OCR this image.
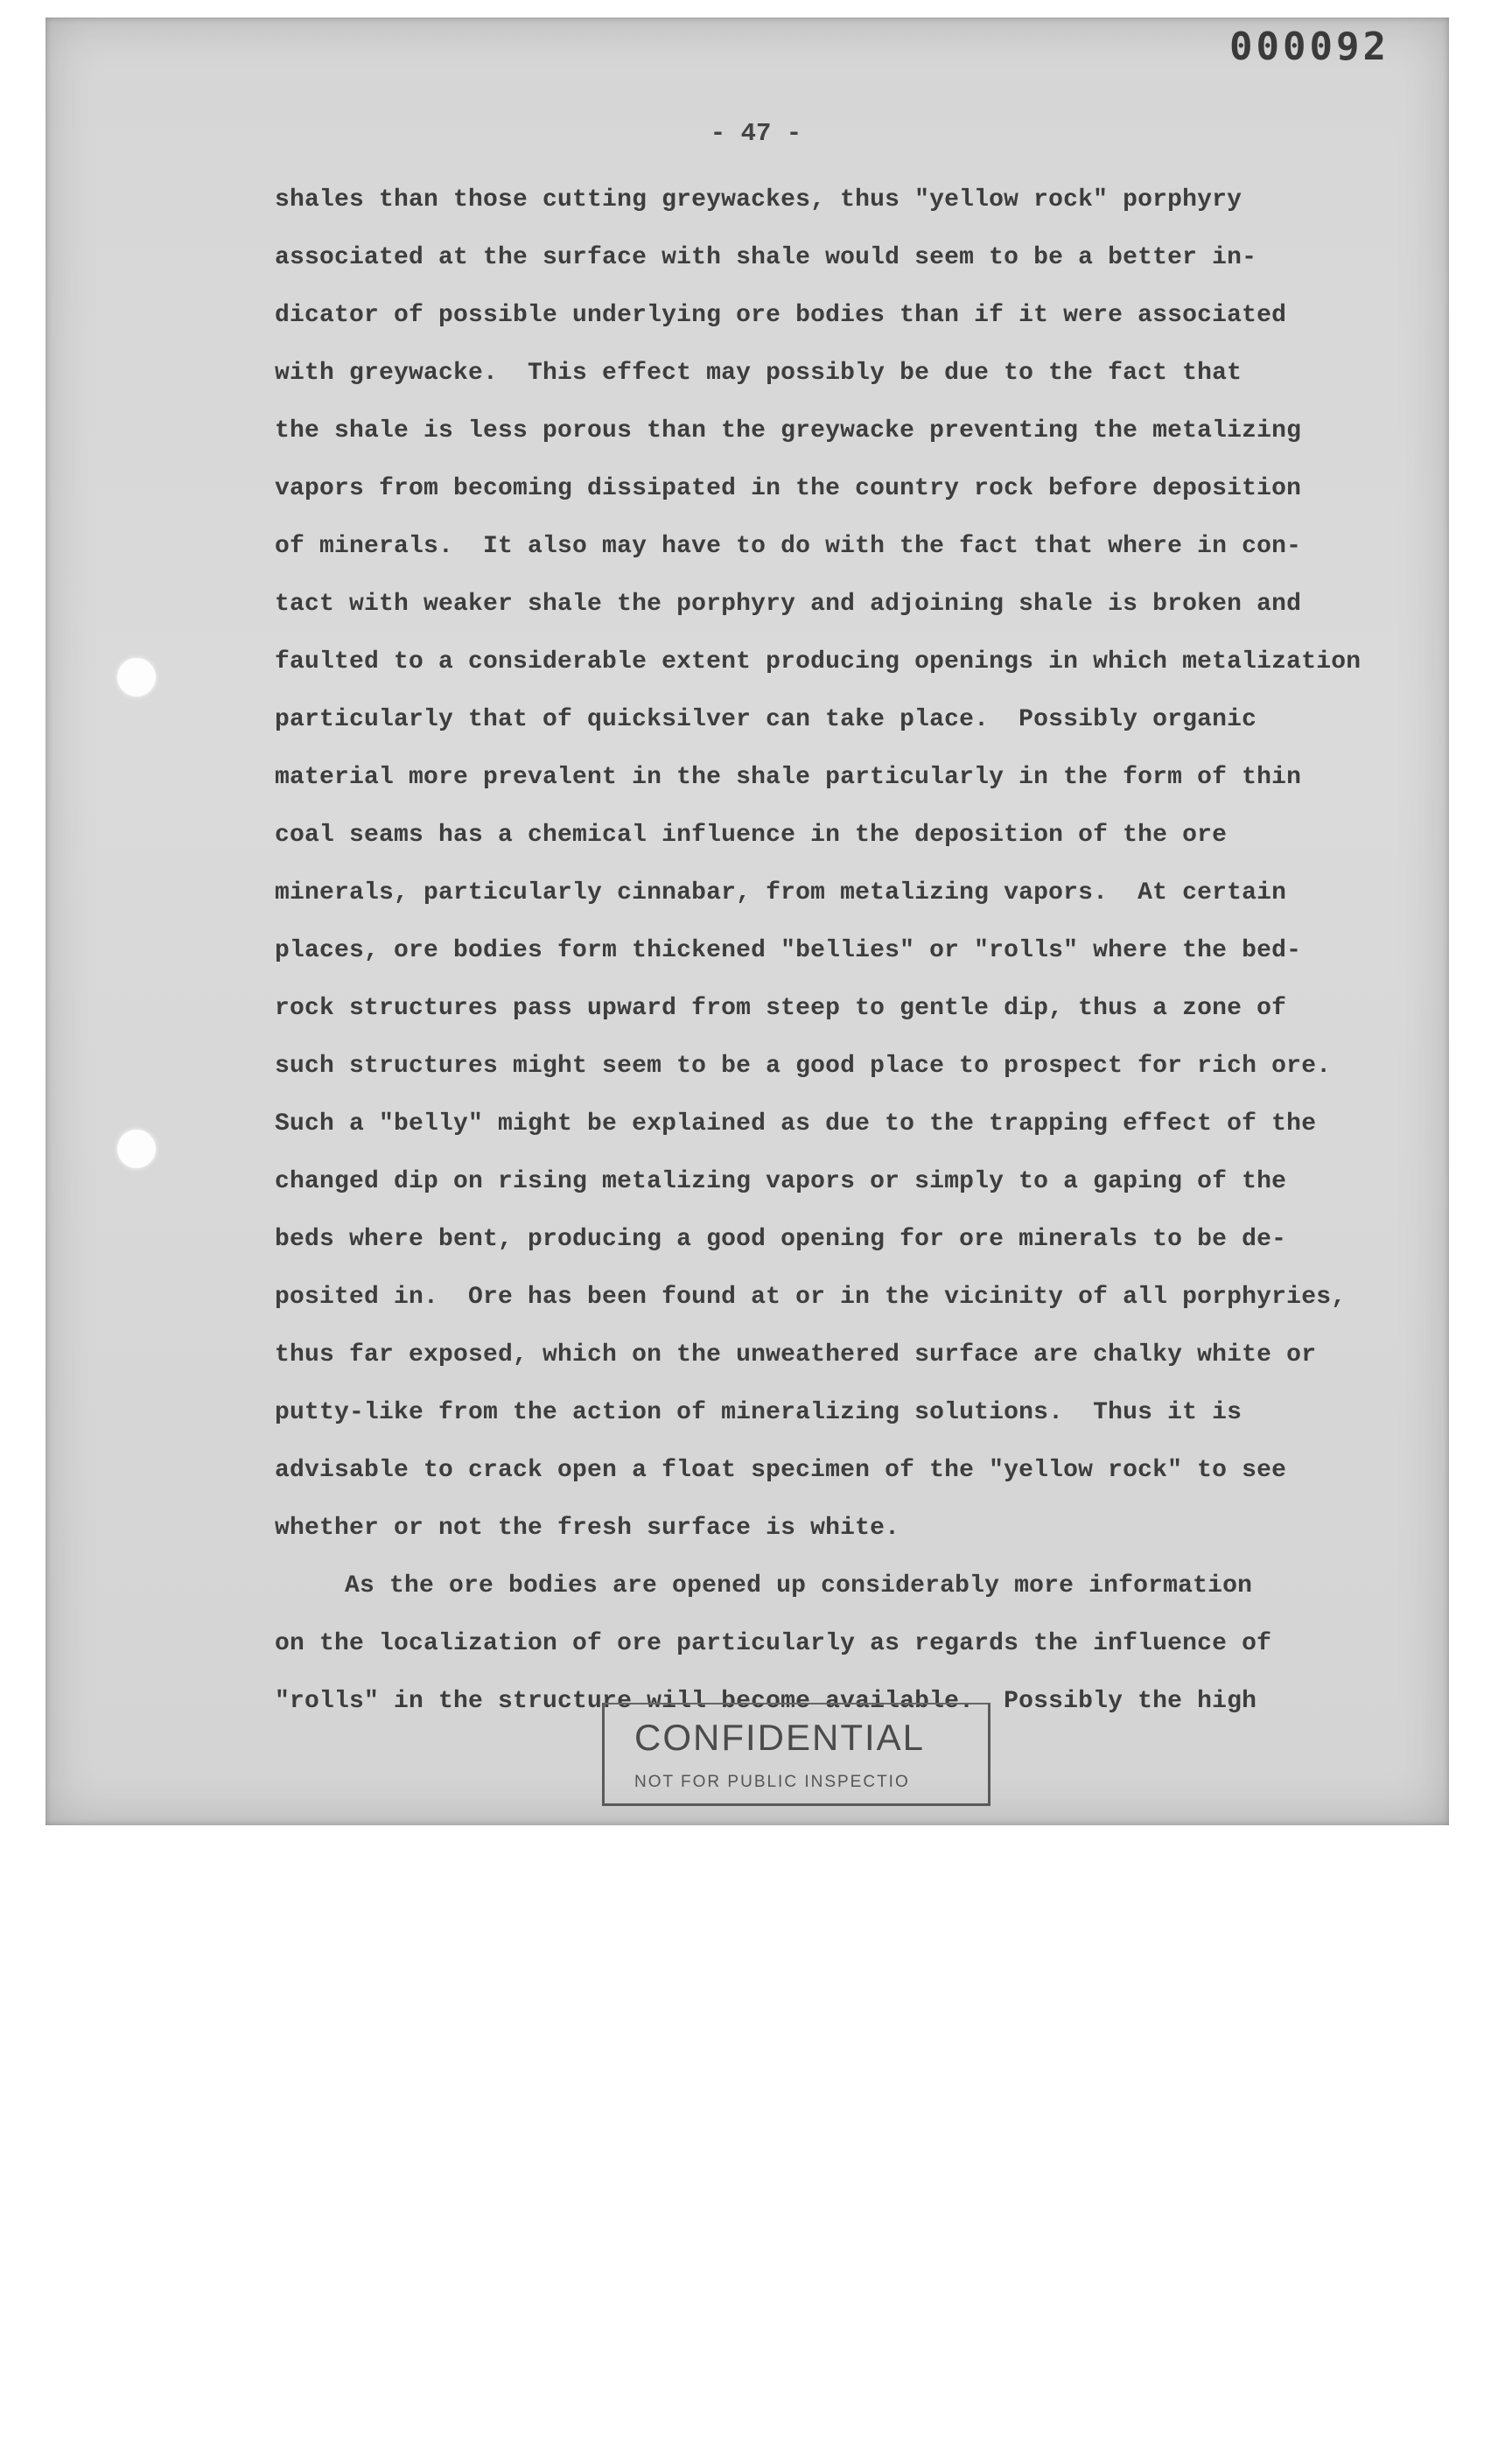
000092
- 47 -
shales than those cutting greywackes, thus "yellow rock" porphyry
associated at the surface with shale would seem to be a better in-
dicator of possible underlying ore bodies than if it were associated
with greywacke.  This effect may possibly be due to the fact that
the shale is less porous than the greywacke preventing the metalizing
vapors from becoming dissipated in the country rock before deposition
of minerals.  It also may have to do with the fact that where in con-
tact with weaker shale the porphyry and adjoining shale is broken and
faulted to a considerable extent producing openings in which metalization
particularly that of quicksilver can take place.  Possibly organic
material more prevalent in the shale particularly in the form of thin
coal seams has a chemical influence in the deposition of the ore
minerals, particularly cinnabar, from metalizing vapors.  At certain
places, ore bodies form thickened "bellies" or "rolls" where the bed-
rock structures pass upward from steep to gentle dip, thus a zone of
such structures might seem to be a good place to prospect for rich ore.
Such a "belly" might be explained as due to the trapping effect of the
changed dip on rising metalizing vapors or simply to a gaping of the
beds where bent, producing a good opening for ore minerals to be de-
posited in.  Ore has been found at or in the vicinity of all porphyries,
thus far exposed, which on the unweathered surface are chalky white or
putty-like from the action of mineralizing solutions.  Thus it is
advisable to crack open a float specimen of the "yellow rock" to see
whether or not the fresh surface is white.
As the ore bodies are opened up considerably more information
on the localization of ore particularly as regards the influence of
"rolls" in the structure will become available.  Possibly the high
CONFIDENTIAL
NOT FOR PUBLIC INSPECTIO
